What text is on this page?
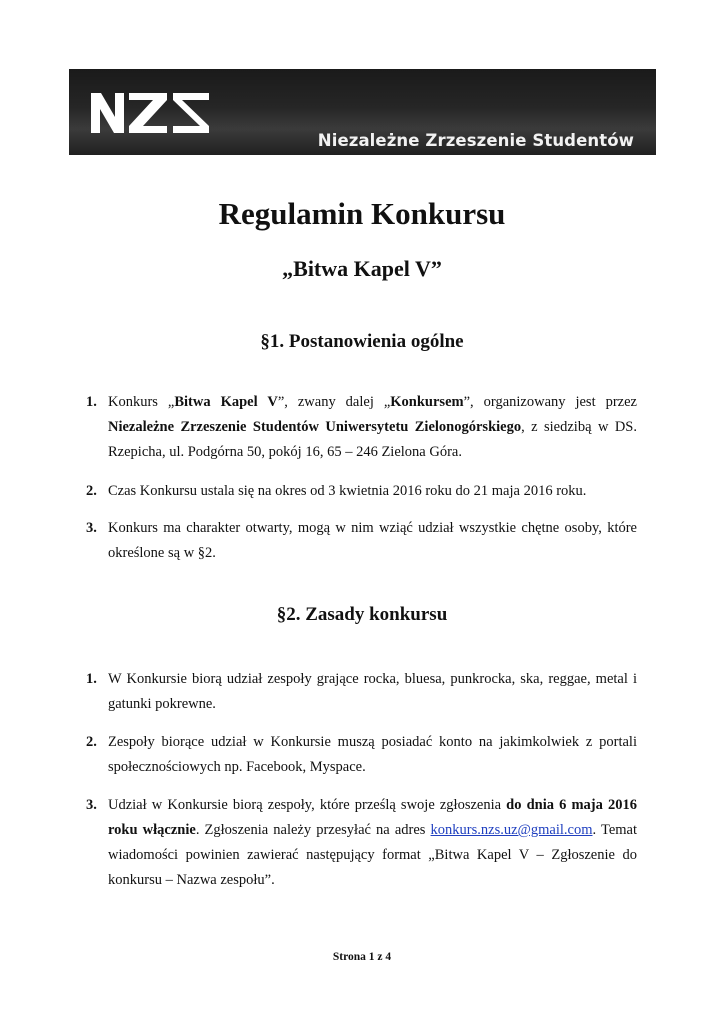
Niezależne Zrzeszenie Studentów
Regulamin Konkursu
„Bitwa Kapel V”
§1. Postanowienia ogólne
1. Konkurs „Bitwa Kapel V”, zwany dalej „Konkursem”, organizowany jest przez Niezależne Zrzeszenie Studentów Uniwersytetu Zielonogórskiego, z siedzibą w DS. Rzepicha, ul. Podgórna 50, pokój 16, 65 – 246 Zielona Góra.
2. Czas Konkursu ustala się na okres od 3 kwietnia 2016 roku do 21 maja 2016 roku.
3. Konkurs ma charakter otwarty, mogą w nim wziąć udział wszystkie chętne osoby, które określone są w §2.
§2. Zasady konkursu
1. W Konkursie biorą udział zespoły grające rocka, bluesa, punkrocka, ska, reggae, metal i gatunki pokrewne.
2. Zespoły biorące udział w Konkursie muszą posiadać konto na jakimkolwiek z portali społecznościowych np. Facebook, Myspace.
3. Udział w Konkursie biorą zespoły, które prześlą swoje zgłoszenia do dnia 6 maja 2016 roku włącznie. Zgłoszenia należy przesyłać na adres konkurs.nzs.uz@gmail.com. Temat wiadomości powinien zawierać następujący format „Bitwa Kapel V – Zgłoszenie do konkursu – Nazwa zespołu”.
Strona 1 z 4
